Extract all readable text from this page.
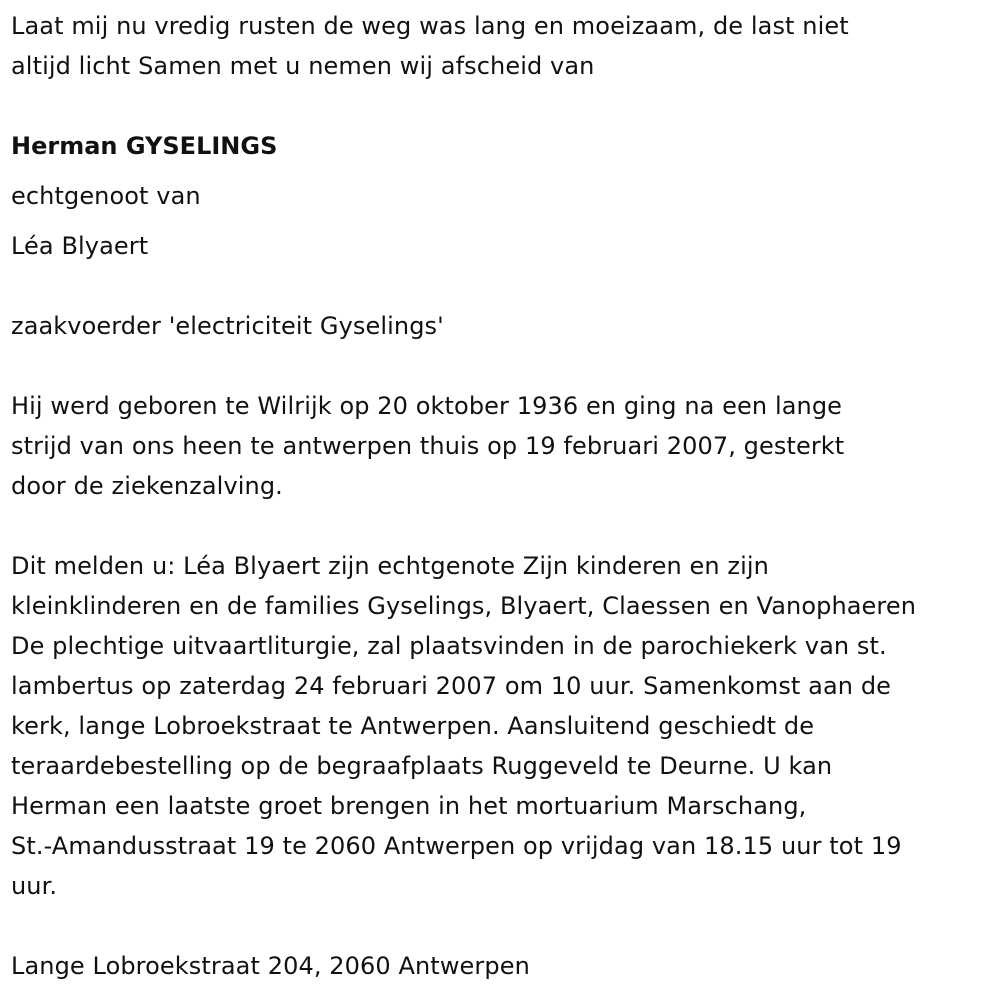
Laat mij nu vredig rusten de weg was lang en moeizaam, de last niet
altijd licht Samen met u nemen wij afscheid van
Herman GYSELINGS
echtgenoot van
Léa Blyaert
zaakvoerder 'electriciteit Gyselings'
Hij werd geboren te Wilrijk op 20 oktober 1936 en ging na een lange
strijd van ons heen te antwerpen thuis op 19 februari 2007, gesterkt
door de ziekenzalving.
Dit melden u: Léa Blyaert zijn echtgenote Zijn kinderen en zijn
kleinklinderen en de families Gyselings, Blyaert, Claessen en Vanophaeren
De plechtige uitvaartliturgie, zal plaatsvinden in de parochiekerk van st.
lambertus op zaterdag 24 februari 2007 om 10 uur. Samenkomst aan de
kerk, lange Lobroekstraat te Antwerpen. Aansluitend geschiedt de
teraardebestelling op de begraafplaats Ruggeveld te Deurne. U kan
Herman een laatste groet brengen in het mortuarium Marschang,
St.-Amandusstraat 19 te 2060 Antwerpen op vrijdag van 18.15 uur tot 19
uur.
Lange Lobroekstraat 204, 2060 Antwerpen
